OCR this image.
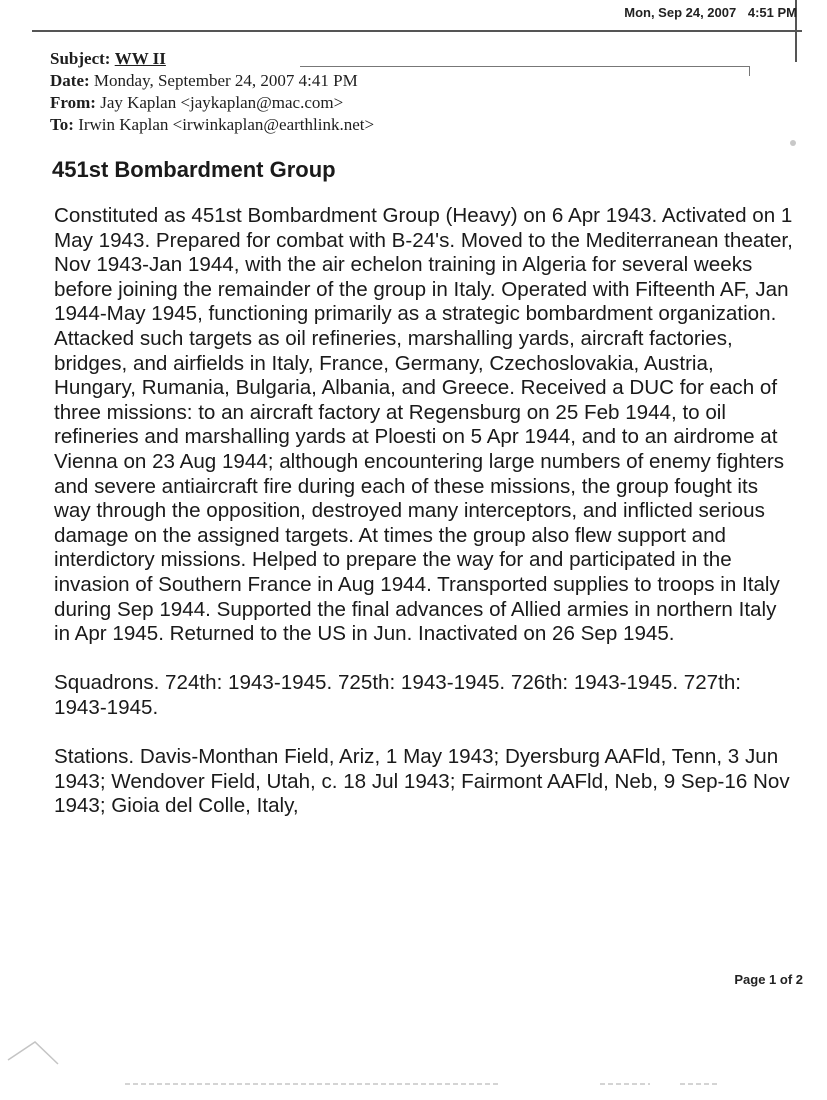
Mon, Sep 24, 2007 4:51 PM
Subject: WW II
Date: Monday, September 24, 2007 4:41 PM
From: Jay Kaplan <jaykaplan@mac.com>
To: Irwin Kaplan <irwinkaplan@earthlink.net>
451st Bombardment Group

Constituted as 451st Bombardment Group (Heavy) on 6 Apr 1943. Activated on 1 May 1943. Prepared for combat with B-24's. Moved to the Mediterranean theater, Nov 1943-Jan 1944, with the air echelon training in Algeria for several weeks before joining the remainder of the group in Italy. Operated with Fifteenth AF, Jan 1944-May 1945, functioning primarily as a strategic bombardment organization. Attacked such targets as oil refineries, marshalling yards, aircraft factories, bridges, and airfields in Italy, France, Germany, Czechoslovakia, Austria, Hungary, Rumania, Bulgaria, Albania, and Greece. Received a DUC for each of three missions: to an aircraft factory at Regensburg on 25 Feb 1944, to oil refineries and marshalling yards at Ploesti on 5 Apr 1944, and to an airdrome at Vienna on 23 Aug 1944; although encountering large numbers of enemy fighters and severe antiaircraft fire during each of these missions, the group fought its way through the opposition, destroyed many interceptors, and inflicted serious damage on the assigned targets. At times the group also flew support and interdictory missions. Helped to prepare the way for and participated in the invasion of Southern France in Aug 1944. Transported supplies to troops in Italy during Sep 1944. Supported the final advances of Allied armies in northern Italy in Apr 1945. Returned to the US in Jun. Inactivated on 26 Sep 1945.

Squadrons. 724th: 1943-1945. 725th: 1943-1945. 726th: 1943-1945. 727th: 1943-1945.

Stations. Davis-Monthan Field, Ariz, 1 May 1943; Dyersburg AAFld, Tenn, 3 Jun 1943; Wendover Field, Utah, c. 18 Jul 1943; Fairmont AAFld, Neb, 9 Sep-16 Nov 1943; Gioia del Colle, Italy,

Page 1 of 2
